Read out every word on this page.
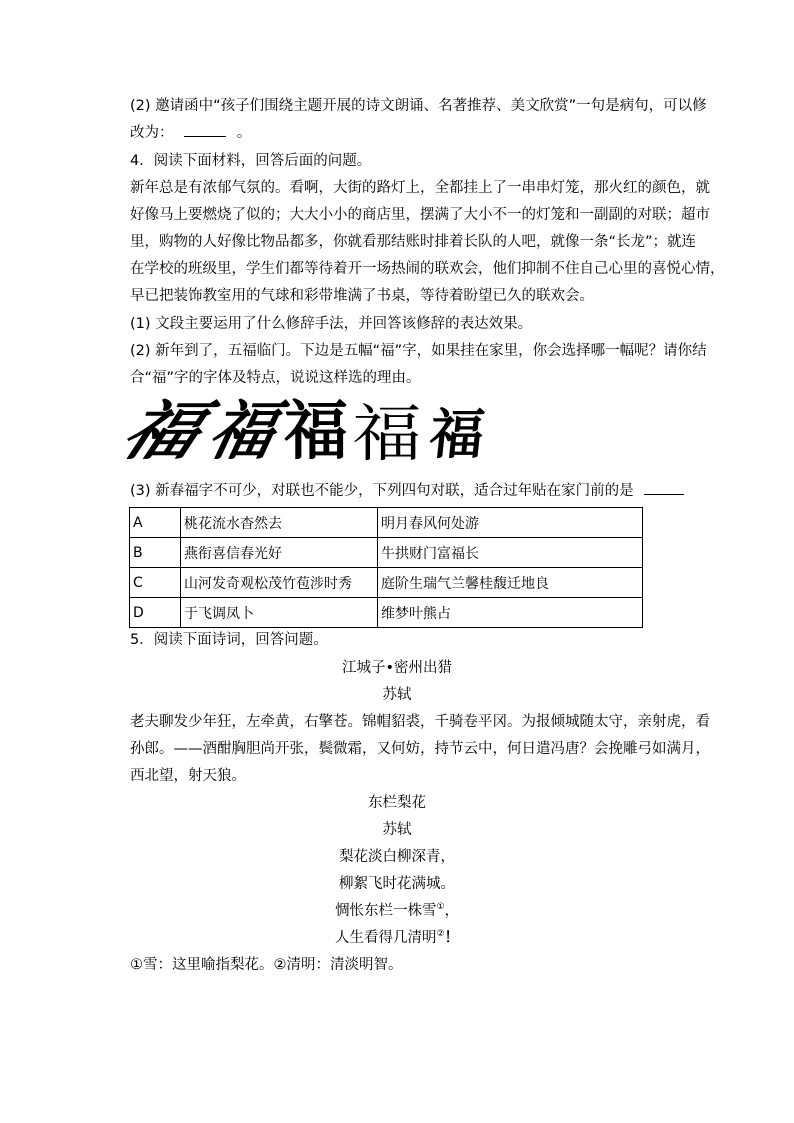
(2) 邀请函中“孩子们围绕主题开展的诗文朗诵、名著推荐、美文欣赏”一句是病句，可以修
改为：	。
4．阅读下面材料，回答后面的问题。
新年总是有浓郁气氛的。看啊，大街的路灯上，全都挂上了一串串灯笼，那火红的颜色，就
好像马上要燃烧了似的；大大小小的商店里，摆满了大小不一的灯笼和一副副的对联；超市
里，购物的人好像比物品都多，你就看那结账时排着长队的人吧，就像一条“长龙”；就连
在学校的班级里，学生们都等待着开一场热闹的联欢会，他们抑制不住自己心里的喜悦心情，
早已把装饰教室用的气球和彩带堆满了书桌，等待着盼望已久的联欢会。
(1) 文段主要运用了什么修辞手法，并回答该修辞的表达效果。
(2) 新年到了，五福临门。下边是五幅“福”字，如果挂在家里，你会选择哪一幅呢？请你结
合“福”字的字体及特点，说说这样选的理由。
福
福 福 福 福
(3) 新春福字不可少，对联也不能少，下列四句对联，适合过年贴在家门前的是
A	桃花流水杳然去	明月春风何处游
B	燕衔喜信春光好	牛拱财门富福长
C	山河发奇观松茂竹苞涉时秀	庭阶生瑞气兰馨桂馥迁地良
D	于飞调凤卜	维梦叶熊占
5．阅读下面诗词，回答问题。
江城子•密州出猎
苏轼
老夫聊发少年狂，左牵黄，右擎苍。锦帽貂裘，千骑卷平冈。为报倾城随太守，亲射虎，看
孙郎。——酒酣胸胆尚开张，鬓微霜，又何妨，持节云中，何日遣冯唐？会挽雕弓如满月，
西北望，射天狼。
东栏梨花
苏轼
梨花淡白柳深青，
柳絮飞时花满城。
惆怅东栏一株雪①，
人生看得几清明②！
①雪：这里喻指梨花。②清明：清淡明智。
